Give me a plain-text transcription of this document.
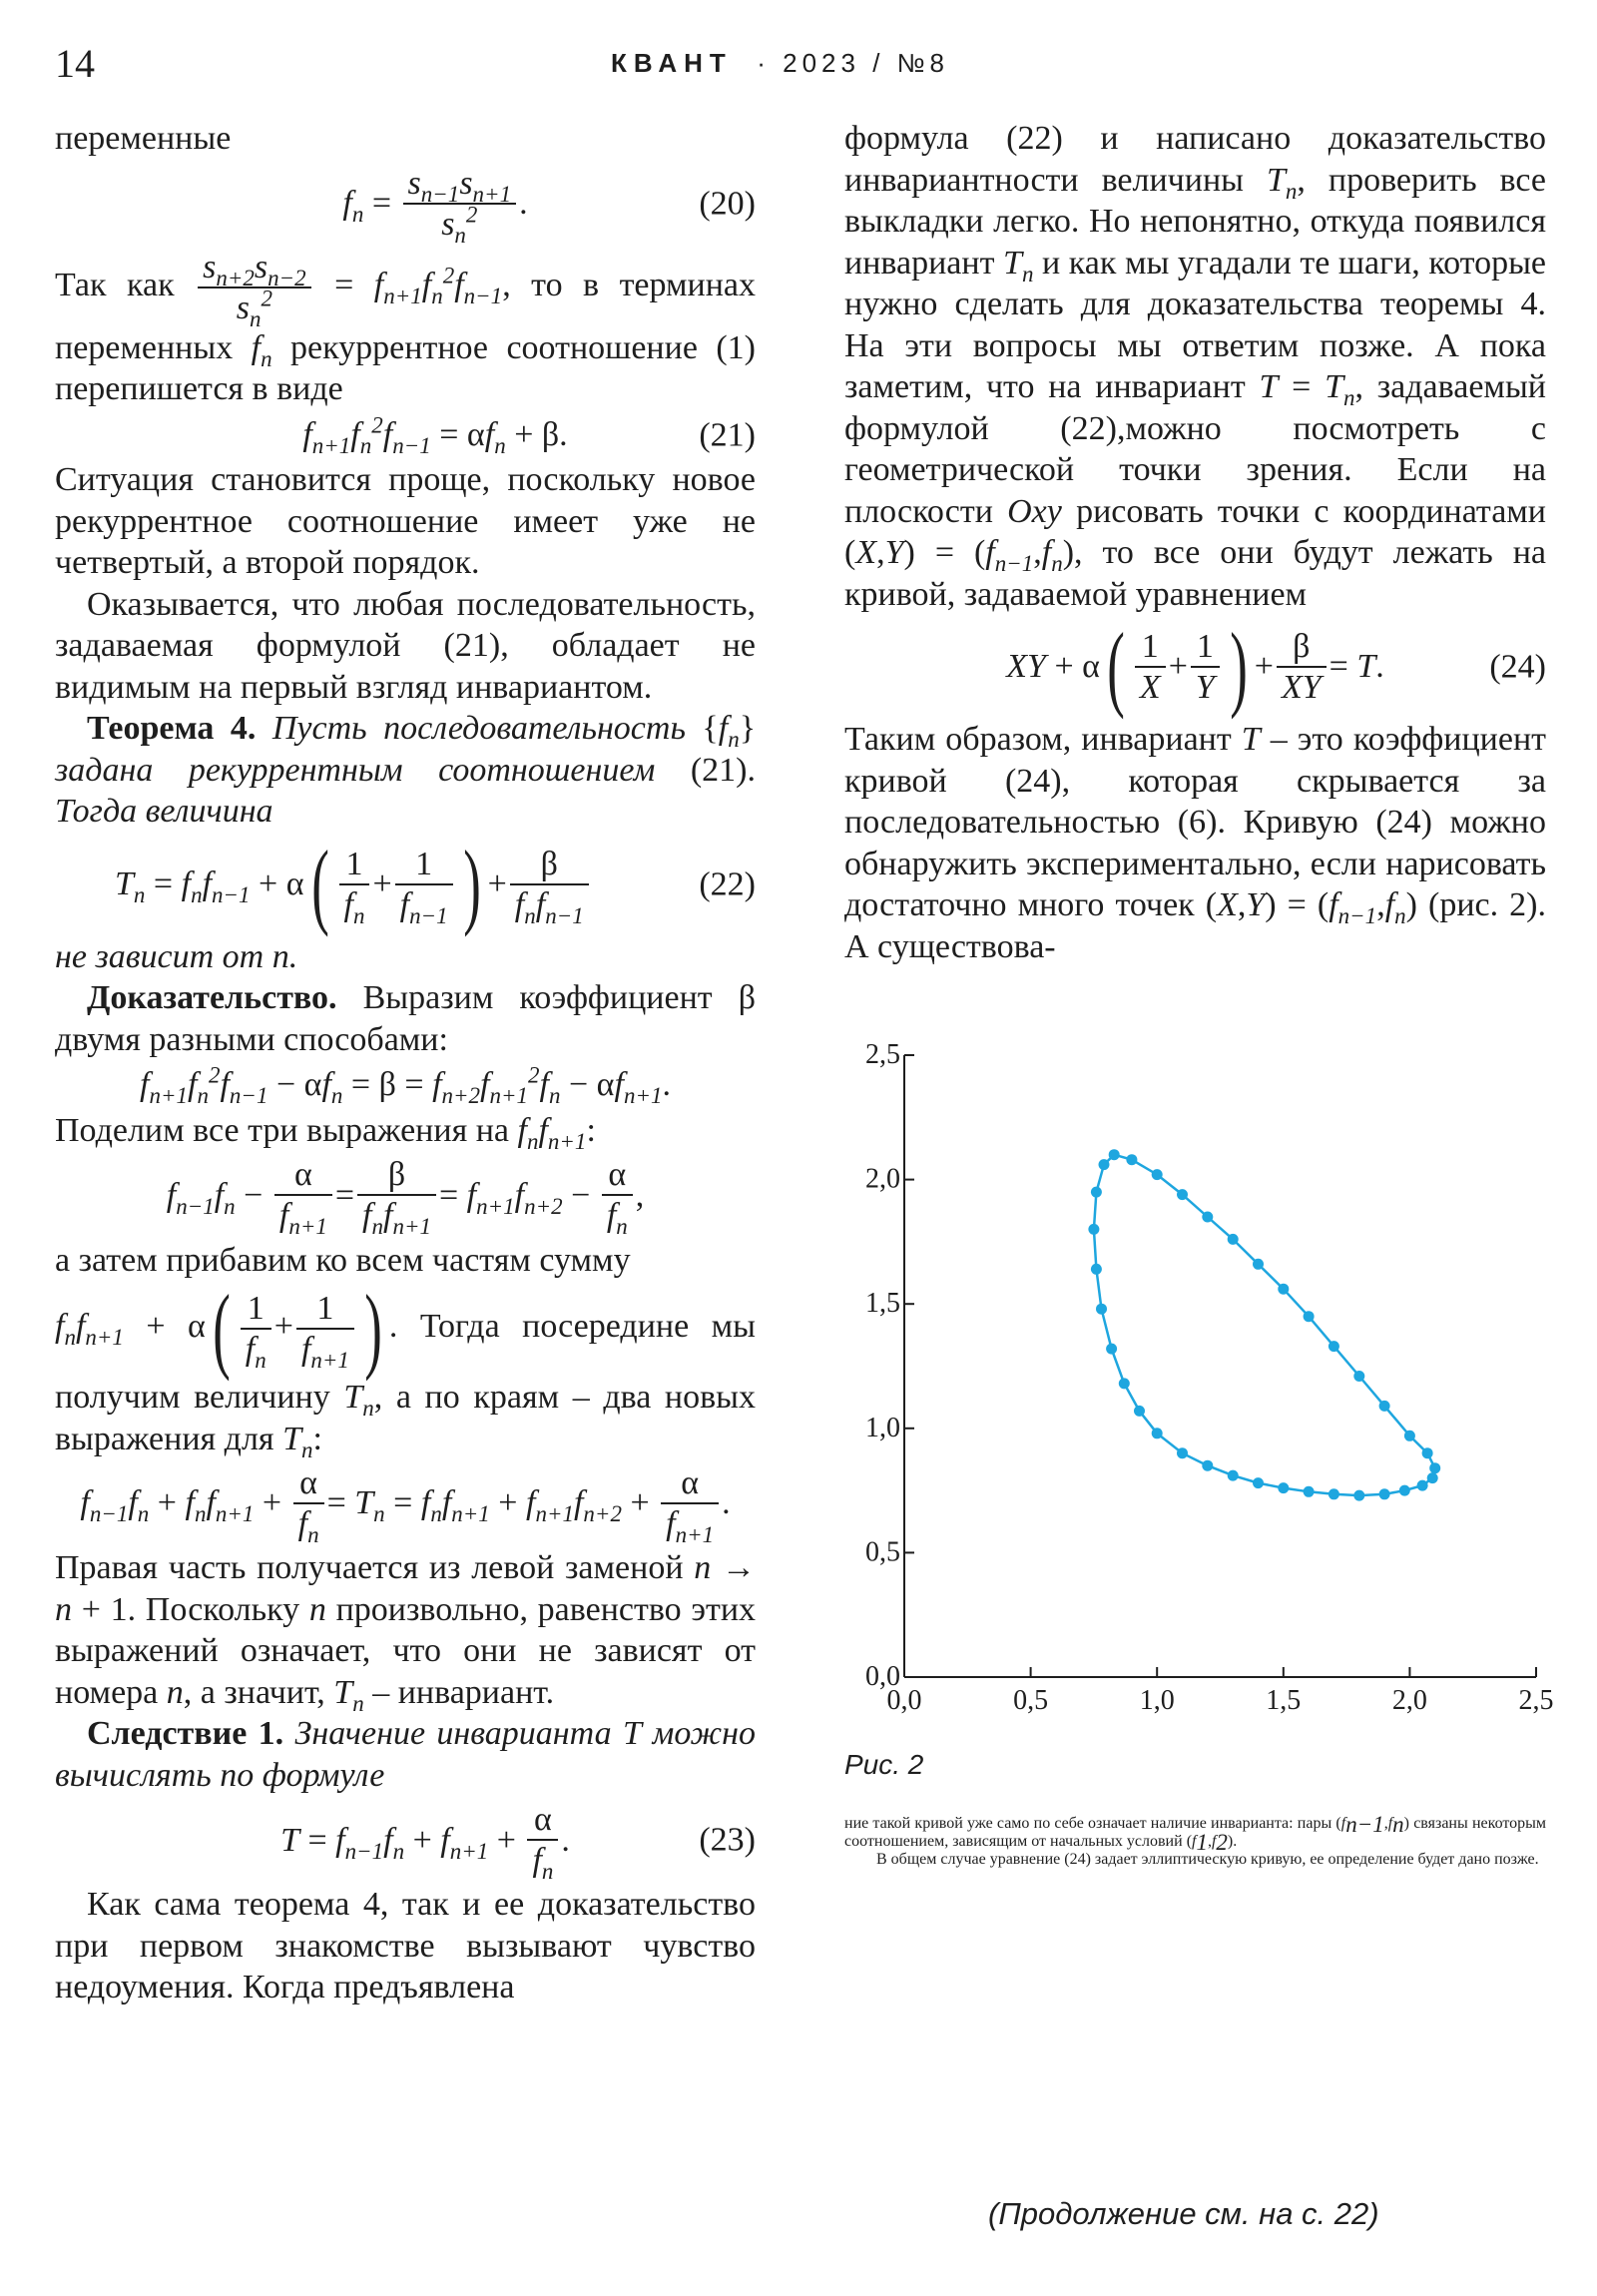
14	КВАНТ · 2023 / №8

переменные

$f_n = \frac{s_{n-1}s_{n+1}}{s_n^2}$ .	(20)

Так как $\frac{s_{n+2}s_{n-2}}{s_n^2} = f_{n+1}f_n^2f_{n-1}$, то в терминах переменных $f_n$ рекуррентное соотношение (1) перепишется в виде

$f_{n+1}f_n^2f_{n-1} = \alpha$ $f_n + \beta$.	(21)

Ситуация становится проще, поскольку новое рекуррентное соотношение имеет уже не четвертый, а второй порядок.

Оказывается, что любая последовательность, задаваемая формулой (21), обладает не видимым на первый взгляд инвариантом.

Теорема 4. Пусть последовательность $\{f_n\}$ задана рекуррентным соотношением (21). Тогда величина

$T_n = f_nf_{n-1} + \alpha$ ( $\frac{1}{f_n} + \frac{1}{f_{n-1}}$ ) + $\frac{\beta}{f_nf_{n-1}}$	(22)

не зависит от n.

Доказательство. Выразим коэффициент β двумя разными способами:

$f_{n+1}f_n^2f_{n-1} - \alpha$ $f_n = \beta = f_{n+2}f_{n+1}^2f_n - \alpha$ $f_{n+1}$ .

Поделим все три выражения на $f_nf_{n+1}$:

$f_{n-1}f_n - \frac{\alpha}{f_{n+1}} = \frac{\beta}{f_nf_{n+1}} = f_{n+1}f_{n+2} - \frac{\alpha}{f_n}$ ,

а затем прибавим ко всем частям сумму

$f_nf_{n+1} + \alpha( \frac{1}{f_n} + \frac{1}{f_{n+1}}$ ) . Тогда посередине мы получим величину $T_n$, а по краям – два новых выражения для $T_n$:

$f_{n-1}f_n + f_nf_{n+1} + \frac{\alpha}{f_n} = T_n = f_nf_{n+1} + f_{n+1}f_{n+2} + \frac{\alpha}{f_{n+1}}$ .

Правая часть получается из левой заменой n → n + 1. Поскольку n произвольно, равенство этих выражений означает, что они не зависят от номера n, а значит, $T_n$ – инвариант.

Следствие 1. Значение инварианта T можно вычислять по формуле

$T = f_{n-1}f_n + f_{n+1} + \frac{\alpha}{f_n}$ .	(23)

Как сама теорема 4, так и ее доказательство при первом знакомстве вызывают чувство недоумения. Когда предъявлена

формула (22) и написано доказательство инвариантности величины $T_n$, проверить все выкладки легко. Но непонятно, откуда появился инвариант $T_n$ и как мы угадали те шаги, которые нужно сделать для доказательства теоремы 4. На эти вопросы мы ответим позже. А пока заметим, что на инвариант $T = T_n$, задаваемый формулой (22),можно посмотреть с геометрической точки зрения. Если на плоскости Oxy рисовать точки с координатами $(X,Y) = (f_{n-1},f_n)$, то все они будут лежать на кривой, задаваемой уравнением

XY + α ( $\frac{1}{X} + \frac{1}{Y}$ ) + $\frac{\beta}{XY} = T$ .	(24)

Таким образом, инвариант T – это коэффициент кривой (24), которая скрывается за последовательностью (6). Кривую (24) можно обнаружить экспериментально, если нарисовать достаточно много точек $(X,Y) = (f_{n-1},f_n)$ (рис. 2). А существова-

0,0	0,5	1,0	1,5	2,0	2,5
0,0
0,5
1,0
1,5
2,0
2,5
Рис. 2

ние такой кривой уже само по себе означает наличие инварианта: пары $(f_{n-1},f_n)$ связаны некоторым соотношением, зависящим от начальных условий $(f_1,f_2)$.

В общем случае уравнение (24) задает эллиптическую кривую, ее определение будет дано позже.

(Продолжение см. на с. 22)
